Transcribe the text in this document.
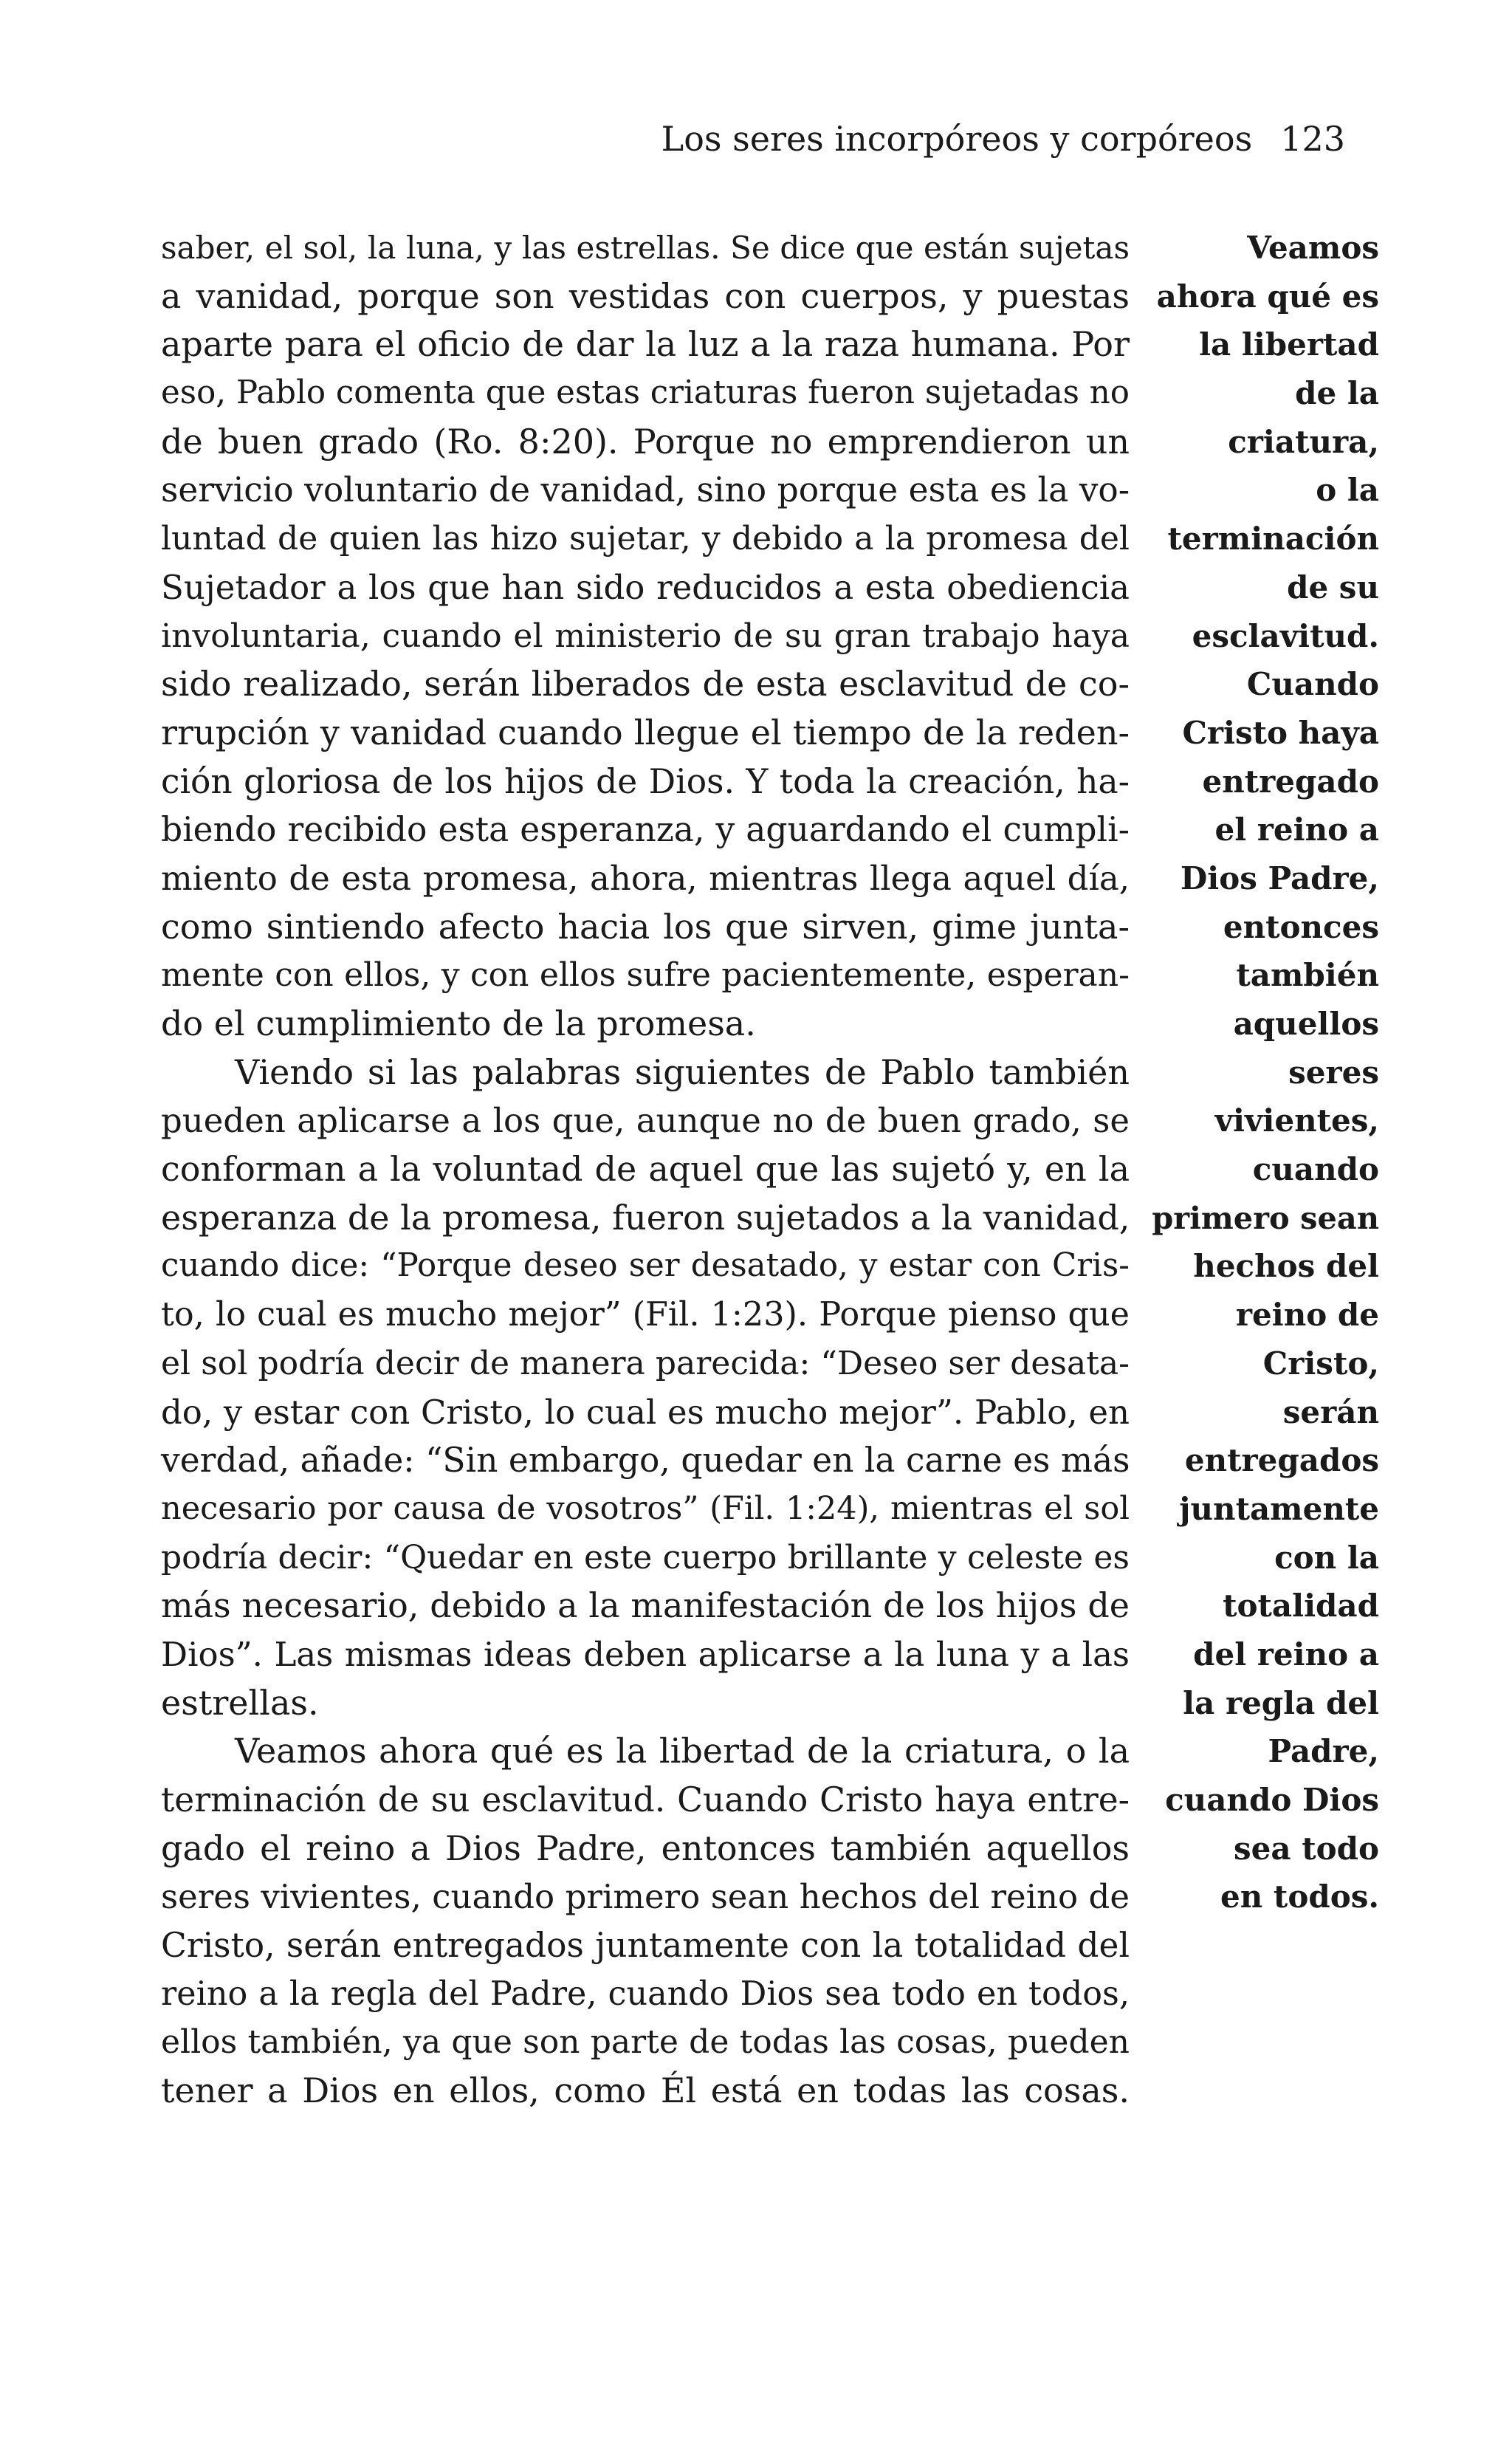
Los seres incorpóreos y corpóreos 123
saber, el sol, la luna, y las estrellas. Se dice que están sujetas
a vanidad, porque son vestidas con cuerpos, y puestas
aparte para el oficio de dar la luz a la raza humana. Por
eso, Pablo comenta que estas criaturas fueron sujetadas no
de buen grado (Ro. 8:20). Porque no emprendieron un
servicio voluntario de vanidad, sino porque esta es la vo-
luntad de quien las hizo sujetar, y debido a la promesa del
Sujetador a los que han sido reducidos a esta obediencia
involuntaria, cuando el ministerio de su gran trabajo haya
sido realizado, serán liberados de esta esclavitud de co-
rrupción y vanidad cuando llegue el tiempo de la reden-
ción gloriosa de los hijos de Dios. Y toda la creación, ha-
biendo recibido esta esperanza, y aguardando el cumpli-
miento de esta promesa, ahora, mientras llega aquel día,
como sintiendo afecto hacia los que sirven, gime junta-
mente con ellos, y con ellos sufre pacientemente, esperan-
do el cumplimiento de la promesa.
Viendo si las palabras siguientes de Pablo también
pueden aplicarse a los que, aunque no de buen grado, se
conforman a la voluntad de aquel que las sujetó y, en la
esperanza de la promesa, fueron sujetados a la vanidad,
cuando dice: “Porque deseo ser desatado, y estar con Cris-
to, lo cual es mucho mejor” (Fil. 1:23). Porque pienso que
el sol podría decir de manera parecida: “Deseo ser desata-
do, y estar con Cristo, lo cual es mucho mejor”. Pablo, en
verdad, añade: “Sin embargo, quedar en la carne es más
necesario por causa de vosotros” (Fil. 1:24), mientras el sol
podría decir: “Quedar en este cuerpo brillante y celeste es
más necesario, debido a la manifestación de los hijos de
Dios”. Las mismas ideas deben aplicarse a la luna y a las
estrellas.
Veamos ahora qué es la libertad de la criatura, o la
terminación de su esclavitud. Cuando Cristo haya entre-
gado el reino a Dios Padre, entonces también aquellos
seres vivientes, cuando primero sean hechos del reino de
Cristo, serán entregados juntamente con la totalidad del
reino a la regla del Padre, cuando Dios sea todo en todos,
ellos también, ya que son parte de todas las cosas, pueden
tener a Dios en ellos, como Él está en todas las cosas.
Veamos
ahora qué es
la libertad
de la
criatura,
o la
terminación
de su
esclavitud.
Cuando
Cristo haya
entregado
el reino a
Dios Padre,
entonces
también
aquellos
seres
vivientes,
cuando
primero sean
hechos del
reino de
Cristo,
serán
entregados
juntamente
con la
totalidad
del reino a
la regla del
Padre,
cuando Dios
sea todo
en todos.
